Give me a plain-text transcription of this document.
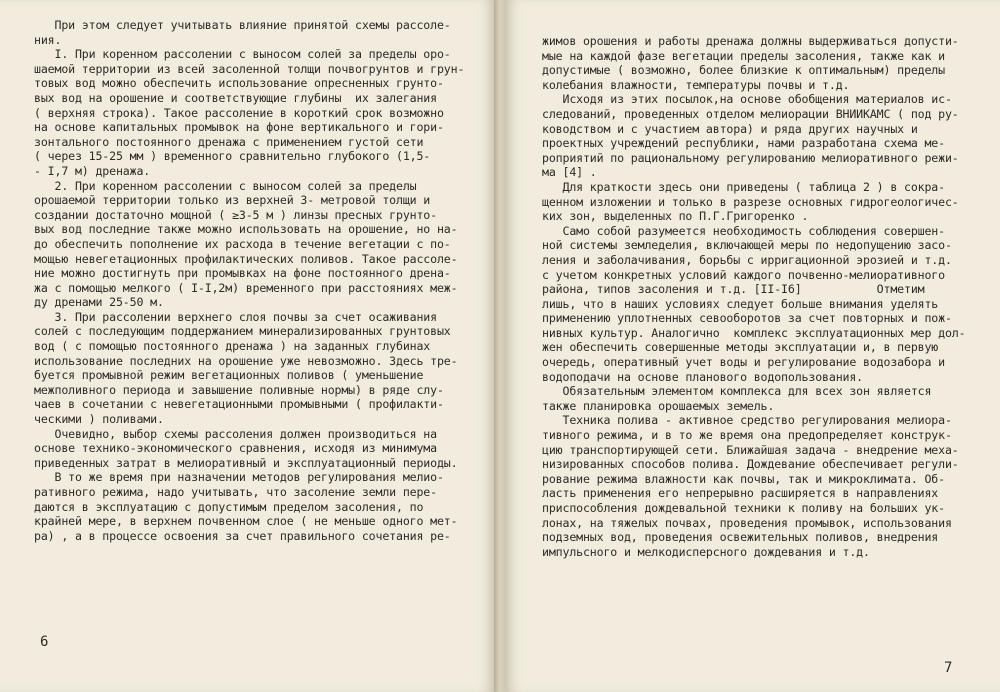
При этом следует учитывать влияние принятой схемы рассоле-
ния.
I. При коренном рассолении с выносом солей за пределы оро-
шаемой территории из всей засоленной толщи почвогрунтов и грун-
товых вод можно обеспечить использование опресненных грунто-
вых вод на орошение и соответствующие глубины  их залегания
( верхняя строка). Такое рассоление в короткий срок возможно
на основе капитальных промывок на фоне вертикального и гори-
зонтального постоянного дренажа с применением густой сети
( через 15-25 мм ) временного сравнительно глубокого (1,5-
- I,7 м) дренажа.
2. При коренном рассолении с выносом солей за пределы
орошаемой территории только из верхней 3- метровой толщи и
создании достаточно мощной ( ≥3-5 м ) линзы пресных грунто-
вых вод последние также можно использовать на орошение, но на-
до обеспечить пополнение их расхода в течение вегетации с по-
мощью невегетационных профилактических поливов. Такое рассоле-
ние можно достигнуть при промывках на фоне постоянного дрена-
жа с помощью мелкого ( I-I,2м) временного при расстояниях меж-
ду дренами 25-50 м.
3. При рассолении верхнего слоя почвы за счет осаживания
солей с последующим поддержанием минерализированных грунтовых
вод ( с помощью постоянного дренажа ) на заданных глубинах
использование последних на орошение уже невозможно. Здесь тре-
буется промывной режим вегетационных поливов ( уменьшение
межполивного периода и завышение поливные нормы) в ряде слу-
чаев в сочетании с невегетационными промывными ( профилакти-
ческими ) поливами.
Очевидно, выбор схемы рассоления должен производиться на
основе технико-экономического сравнения, исходя из минимума
приведенных затрат в мелиоративный и эксплуатационный периоды.
В то же время при назначении методов регулирования мелио-
ративного режима, надо учитывать, что засоление земли пере-
даются в эксплуатацию с допустимым пределом засоления, по
крайней мере, в верхнем почвенном слое ( не меньше одного мет-
ра) , а в процессе освоения за счет правильного сочетания ре-

6

жимов орошения и работы дренажа должны выдерживаться допусти-
мые на каждой фазе вегетации пределы засоления, также как и
допустимые ( возможно, более близкие к оптимальным) пределы
колебания влажности, температуры почвы и т.д.
Исходя из этих посылок,на основе обобщения материалов ис-
следований, проведенных отделом мелиорации ВНИИКАМС ( под ру-
ководством и с участием автора) и ряда других научных и
проектных учреждений республики, нами разработана схема ме-
роприятий по рациональному регулированию мелиоративного режи-
ма [4] .
Для краткости здесь они приведены ( таблица 2 ) в сокра-
щенном изложении и только в разрезе основных гидрогеологичес-
ких зон, выделенных по П.Г.Григоренко .
Само собой разумеется необходимость соблюдения совершен-
ной системы земледелия, включающей меры по недопущению засо-
ления и заболачивания, борьбы с ирригационной эрозией и т.д.
с учетом конкретных условий каждого почвенно-мелиоративного
района, типов засоления и т.д. [II-I6]           Отметим
лишь, что в наших условиях следует больше внимания уделять
применению уплотненных севооборотов за счет повторных и пож-
нивных культур. Аналогично  комплекс эксплуатационных мер дол-
жен обеспечить совершенные методы эксплуатации и, в первую
очередь, оперативный учет воды и регулирование водозабора и
водоподачи на основе планового водопользования.
Обязательным элементом комплекса для всех зон является
также планировка орошаемых земель.
Техника полива - активное средство регулирования мелиора-
тивного режима, и в то же время она предопределяет конструк-
цию транспортирующей сети. Ближайшая задача - внедрение меха-
низированных способов полива. Дождевание обеспечивает регули-
рование режима влажности как почвы, так и микроклимата. Об-
ласть применения его непрерывно расширяется в направлениях
приспособления дождевальной техники к поливу на больших ук-
лонах, на тяжелых почвах, проведения промывок, использования
подземных вод, проведения освежительных поливов, внедрения
импульсного и мелкодисперсного дождевания и т.д.

7
